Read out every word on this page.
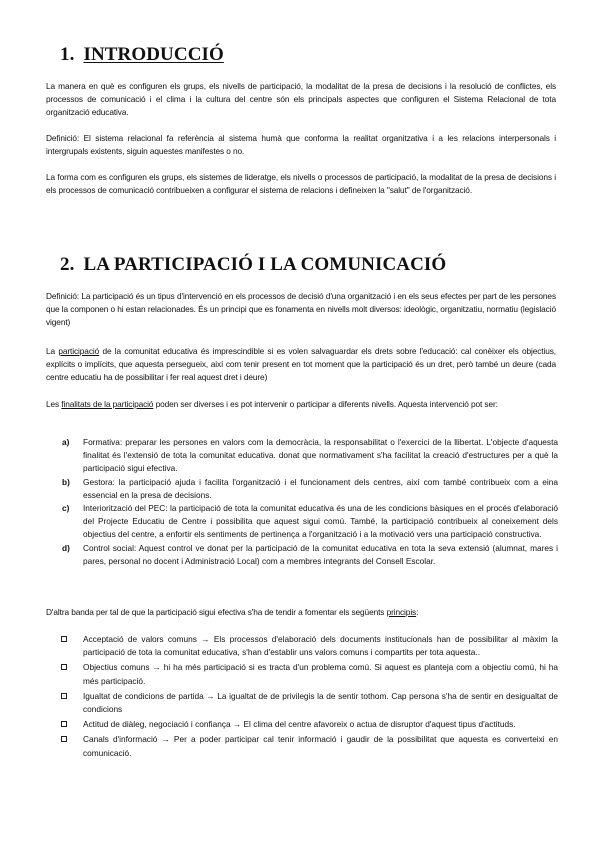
1. INTRODUCCIÓ

La manera en què es configuren els grups, els nivells de participació, la modalitat de la presa de decisions i la resolució de conflictes, els processos de comunicació i el clima i la cultura del centre són els principals aspectes que configuren el Sistema Relacional de tota organització educativa.

Definició: El sistema relacional fa referència al sistema humà que conforma la realitat organitzativa i a les relacions interpersonals i intergrupals existents, siguin aquestes manifestes o no.

La forma com es configuren els grups, els sistemes de lideratge, els nivells o processos de participació, la modalitat de la presa de decisions i els processos de comunicació contribueixen a configurar el sistema de relacions i defineixen la "salut" de l'organització.

2. LA PARTICIPACIÓ I LA COMUNICACIÓ

Definició: La participació és un tipus d'intervenció en els processos de decisió d'una organització i en els seus efectes per part de les persones que la componen o hi estan relacionades. És un principi que es fonamenta en nivells molt diversos: ideològic, organitzatiu, normatiu (legislació vigent)

La participació de la comunitat educativa és imprescindible si es volen salvaguardar els drets sobre l'educació: cal conèixer els objectius, explícits o implícits, que aquesta persegueix, així com tenir present en tot moment que la participació és un dret, però també un deure (cada centre educatiu ha de possibilitar i fer real aquest dret i deure)

Les finalitats de la participació poden ser diverses i es pot intervenir o participar a diferents nivells. Aquesta intervenció pot ser:

a) Formativa: preparar les persones en valors com la democràcia, la responsabilitat o l'exercici de la llibertat. L'objecte d'aquesta finalitat és l'extensió de tota la comunitat educativa. donat que normativament s'ha facilitat la creació d'estructures per a què la participació sigui efectiva.
b) Gestora: la participació ajuda i facilita l'organització i el funcionament dels centres, així com també contribueix com a eina essencial en la presa de decisions.
c) Interiorització del PEC: la participació de tota la comunitat educativa és una de les condicions bàsiques en el procés d'elaboració del Projecte Educatiu de Centre i possibilita que aquest sigui comú. També, la participació contribueix al coneixement dels objectius del centre, a enfortir els sentiments de pertinença a l'organització i a la motivació vers una participació constructiva.
d) Control social: Aquest control ve donat per la participació de la comunitat educativa en tota la seva extensió (alumnat, mares i pares, personal no docent i Administració Local) com a membres integrants del Consell Escolar.

D'altra banda per tal de que la participació sigui efectiva s'ha de tendir a fomentar els següents principis:

Acceptació de valors comuns → Els processos d'elaboració dels documents institucionals han de possibilitar al màxim la participació de tota la comunitat educativa, s'han d'establir uns valors comuns i compartits per tota aquesta..
Objectius comuns → hi ha més participació si es tracta d'un problema comú. Si aquest es planteja com a objectiu comú, hi ha més participació.
Igualtat de condicions de partida → La igualtat de de privilegis la de sentir tothom. Cap persona s'ha de sentir en desigualtat de condicions
Actitud de diàleg, negociació i confiança → El clima del centre afavoreix o actua de disruptor d'aquest tipus d'actituds.
Canals d'informació → Per a poder participar cal tenir informació i gaudir de la possibilitat que aquesta es converteixi en comunicació.
